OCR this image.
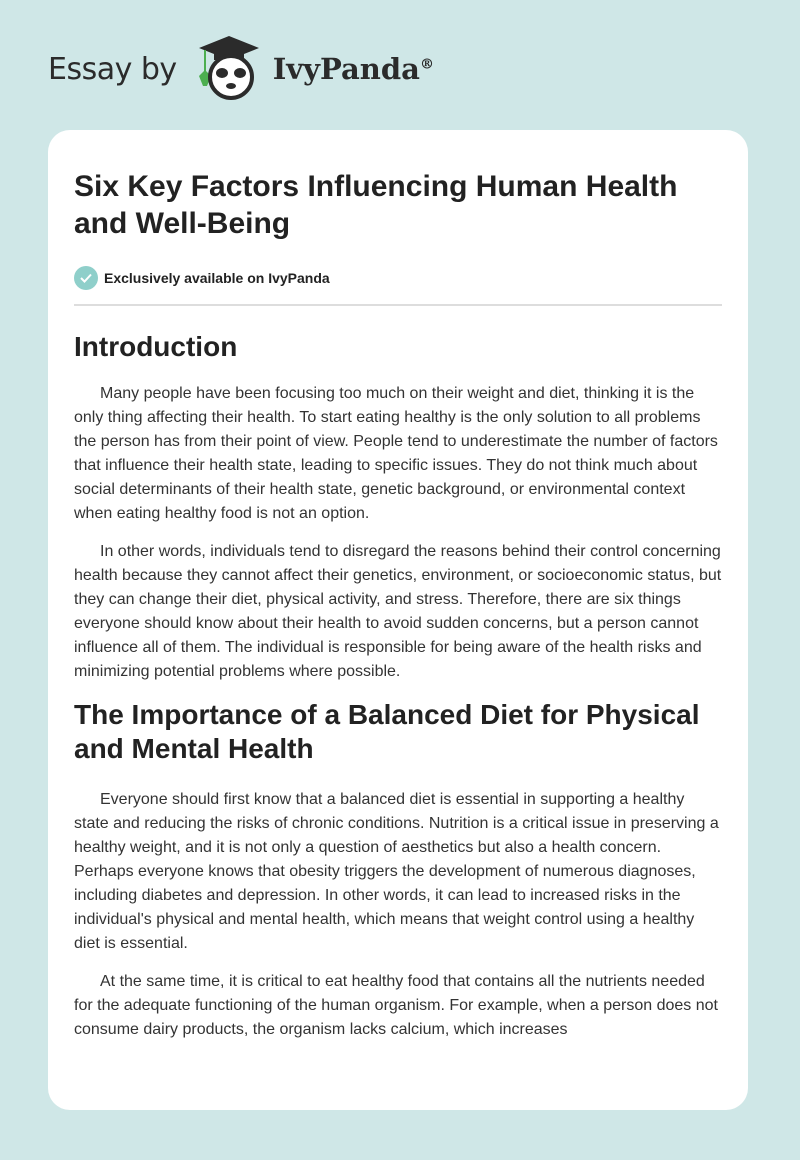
Essay by	IvyPanda®
Six Key Factors Influencing Human Health and Well-Being
Exclusively available on IvyPanda
Introduction

Many people have been focusing too much on their weight and diet, thinking it is the only thing affecting their health. To start eating healthy is the only solution to all problems the person has from their point of view. People tend to underestimate the number of factors that influence their health state, leading to specific issues. They do not think much about social determinants of their health state, genetic background, or environmental context when eating healthy food is not an option.

In other words, individuals tend to disregard the reasons behind their control concerning health because they cannot affect their genetics, environment, or socioeconomic status, but they can change their diet, physical activity, and stress. Therefore, there are six things everyone should know about their health to avoid sudden concerns, but a person cannot influence all of them. The individual is responsible for being aware of the health risks and minimizing potential problems where possible.

The Importance of a Balanced Diet for Physical and Mental Health

Everyone should first know that a balanced diet is essential in supporting a healthy state and reducing the risks of chronic conditions. Nutrition is a critical issue in preserving a healthy weight, and it is not only a question of aesthetics but also a health concern. Perhaps everyone knows that obesity triggers the development of numerous diagnoses, including diabetes and depression. In other words, it can lead to increased risks in the individual's physical and mental health, which means that weight control using a healthy diet is essential.

At the same time, it is critical to eat healthy food that contains all the nutrients needed for the adequate functioning of the human organism. For example, when a person does not consume dairy products, the organism lacks calcium, which increases
